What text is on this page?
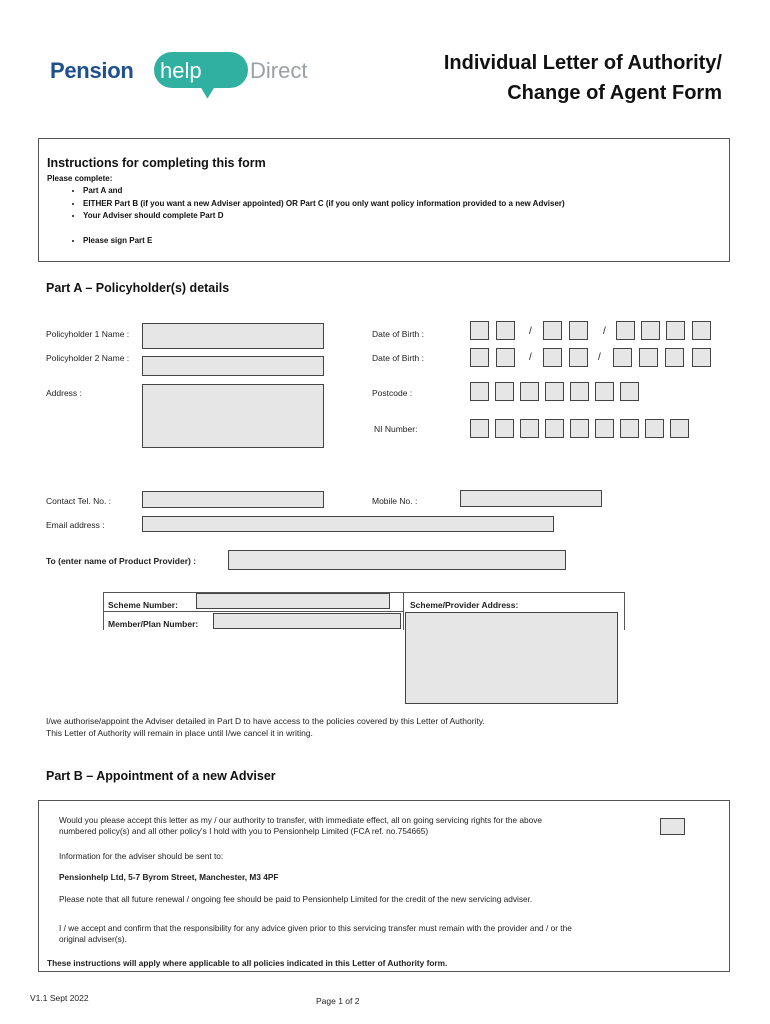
Pension help Direct	Individual Letter of Authority/
Change of Agent Form
Instructions for completing this form
Please complete:
• Part A and
• EITHER Part B (if you want a new Adviser appointed) OR Part C (if you only want policy information provided to a new Adviser)
• Your Adviser should complete Part D
• Please sign Part E
Part A – Policyholder(s) details
Policyholder 1 Name :
Policyholder 2 Name :
Address :
Date of Birth :	/	/
Date of Birth :	/	/
Postcode :
NI Number:
Contact Tel. No. :	Mobile No. :
Email address :
To (enter name of Product Provider) :
Scheme Number:
Member/Plan Number:
Scheme/Provider Address:
I/we authorise/appoint the Adviser detailed in Part D to have access to the policies covered by this Letter of Authority.
This Letter of Authority will remain in place until I/we cancel it in writing.
Part B – Appointment of a new Adviser
Would you please accept this letter as my / our authority to transfer, with immediate effect, all on going servicing rights for the above
numbered policy(s) and all other policy's I hold with you to Pensionhelp Limited (FCA ref. no.754665)
Information for the adviser should be sent to:
Pensionhelp Ltd, 5-7 Byrom Street, Manchester, M3 4PF
Please note that all future renewal / ongoing fee should be paid to Pensionhelp Limited for the credit of the new servicing adviser.
I / we accept and confirm that the responsibility for any advice given prior to this servicing transfer must remain with the provider and / or the
original adviser(s).
These instructions will apply where applicable to all policies indicated in this Letter of Authority form.
V1.1 Sept 2022	Page 1 of 2
